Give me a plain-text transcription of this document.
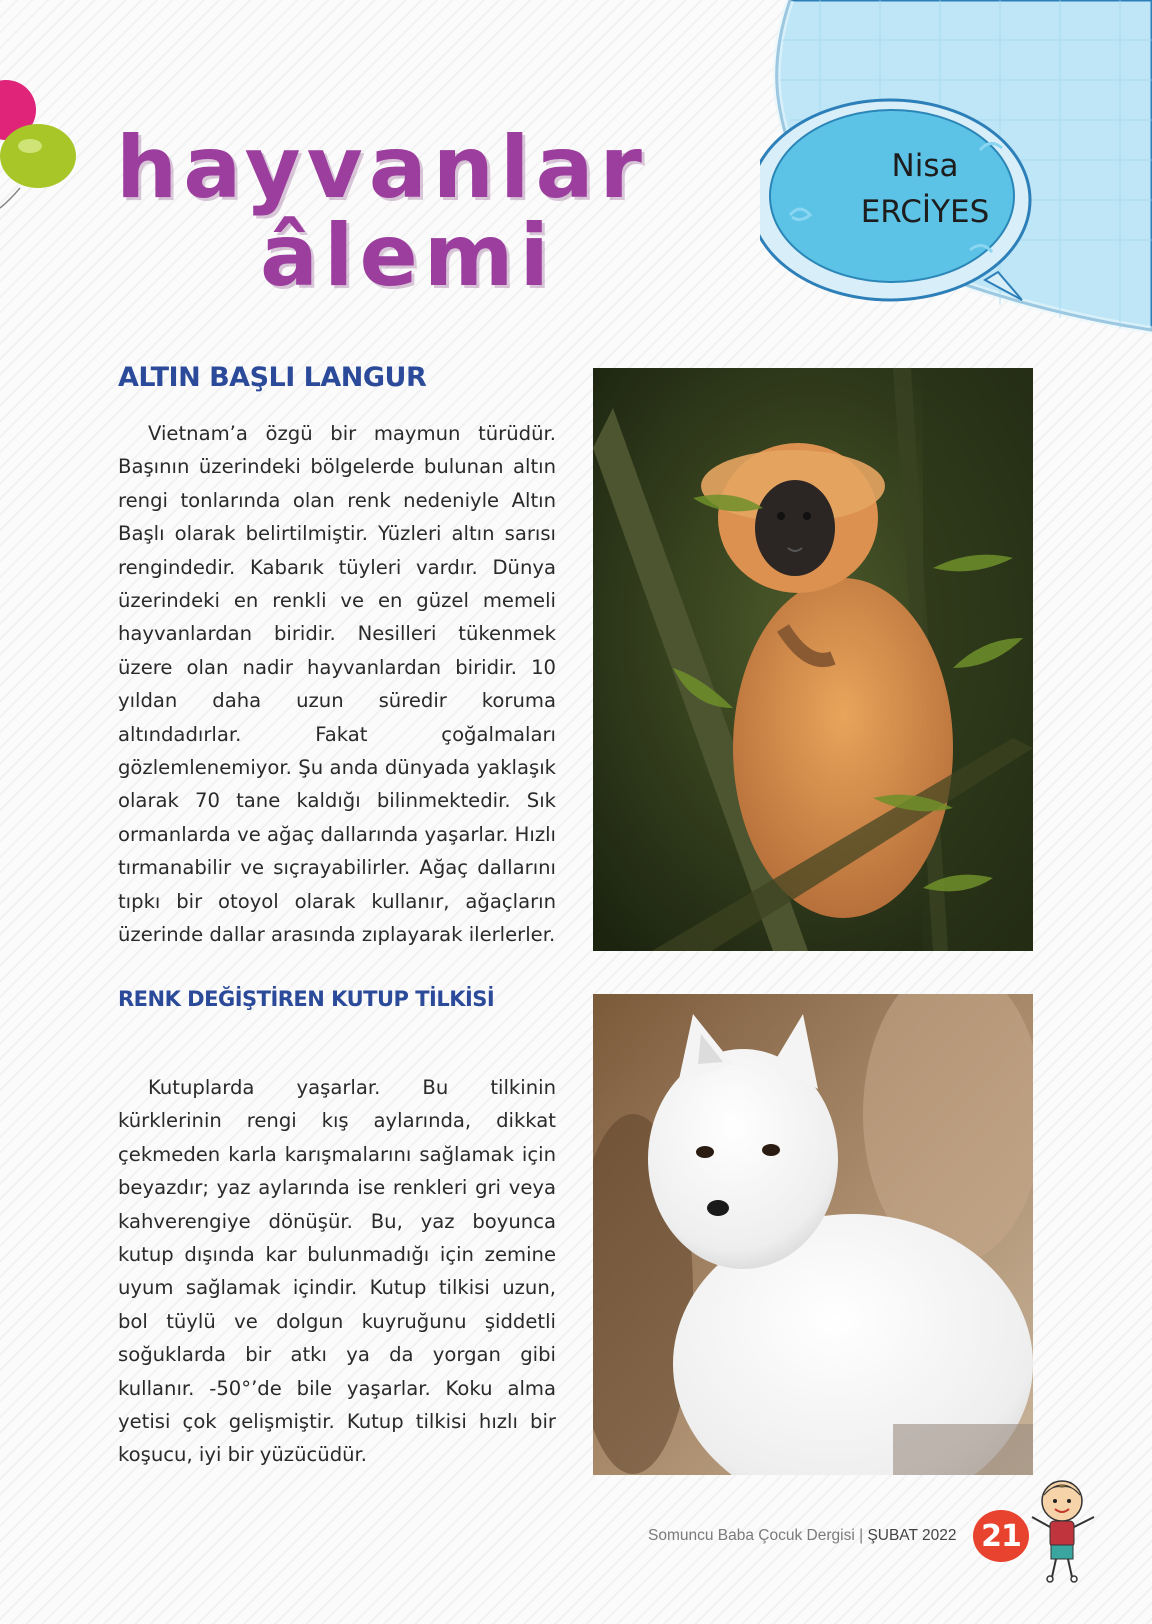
hayvanlar
âlemi
Nisa
ERCİYES
ALTIN BAŞLI LANGUR

Vietnam’a özgü bir maymun türüdür. Başının üzerindeki bölgelerde bulunan altın rengi tonlarında olan renk nedeniyle Altın Başlı olarak belirtilmiştir. Yüzleri altın sarısı rengindedir. Kabarık tüyleri vardır. Dünya üzerindeki en renkli ve en güzel memeli hayvanlardan biridir. Nesilleri tükenmek üzere olan nadir hayvanlardan biridir. 10 yıldan daha uzun süredir koruma altındadırlar. Fakat çoğalmaları gözlemlenemiyor. Şu anda dünyada yaklaşık olarak 70 tane kaldığı bilinmektedir. Sık ormanlarda ve ağaç dallarında yaşarlar. Hızlı tırmanabilir ve sıçrayabilirler. Ağaç dallarını tıpkı bir otoyol olarak kullanır, ağaçların üzerinde dallar arasında zıplayarak ilerlerler.

RENK DEĞİŞTİREN KUTUP TİLKİSİ

Kutuplarda yaşarlar. Bu tilkinin kürklerinin rengi kış aylarında, dikkat çekmeden karla karışmalarını sağlamak için beyazdır; yaz aylarında ise renkleri gri veya kahverengiye dönüşür. Bu, yaz boyunca kutup dışında kar bulunmadığı için zemine uyum sağlamak içindir. Kutup tilkisi uzun, bol tüylü ve dolgun kuyruğunu şiddetli soğuklarda bir atkı ya da yorgan gibi kullanır. -50°’de bile yaşarlar. Koku alma yetisi çok gelişmiştir. Kutup tilkisi hızlı bir koşucu, iyi bir yüzücüdür.

Somuncu Baba Çocuk Dergisi | ŞUBAT 2022 21
